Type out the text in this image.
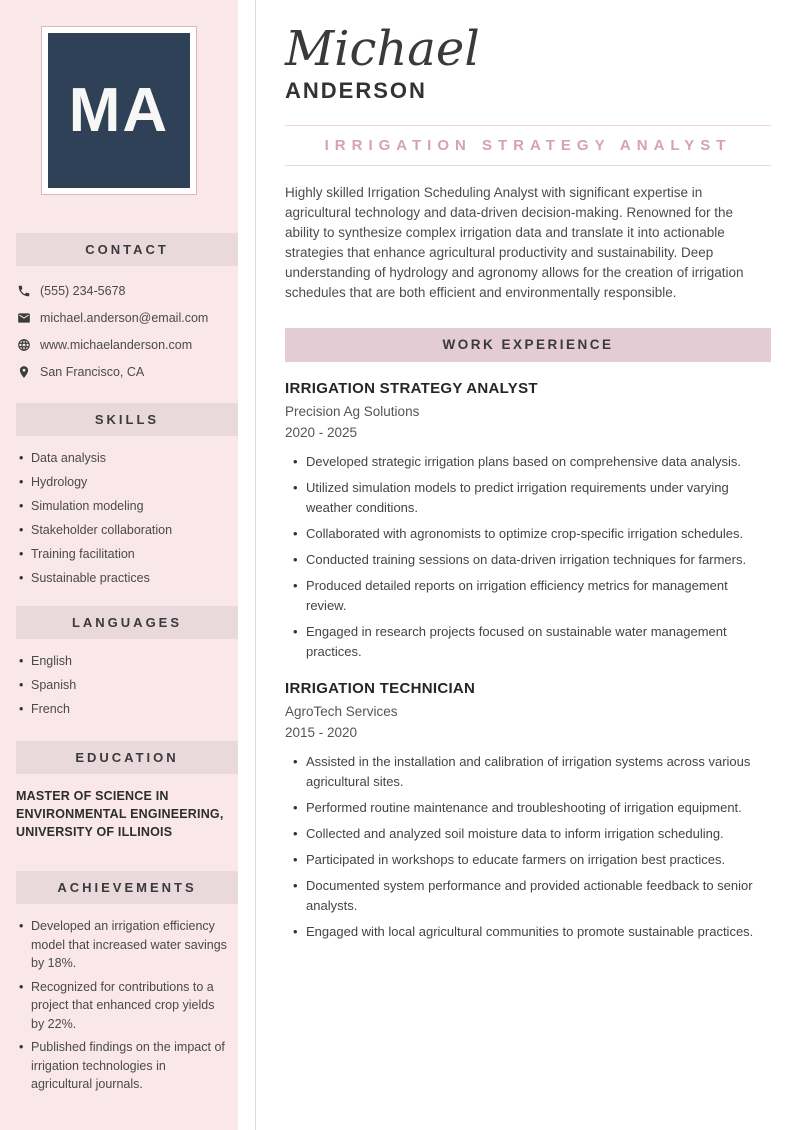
MA
CONTACT
(555) 234-5678
michael.anderson@email.com
www.michaelanderson.com
San Francisco, CA
SKILLS
• Data analysis
• Hydrology
• Simulation modeling
• Stakeholder collaboration
• Training facilitation
• Sustainable practices
LANGUAGES
• English
• Spanish
• French
EDUCATION
MASTER OF SCIENCE IN ENVIRONMENTAL ENGINEERING, UNIVERSITY OF ILLINOIS
ACHIEVEMENTS
• Developed an irrigation efficiency model that increased water savings by 18%.
• Recognized for contributions to a project that enhanced crop yields by 22%.
• Published findings on the impact of irrigation technologies in agricultural journals.
Michael
ANDERSON
IRRIGATION STRATEGY ANALYST

Highly skilled Irrigation Scheduling Analyst with significant expertise in agricultural technology and data-driven decision-making. Renowned for the ability to synthesize complex irrigation data and translate it into actionable strategies that enhance agricultural productivity and sustainability. Deep understanding of hydrology and agronomy allows for the creation of irrigation schedules that are both efficient and environmentally responsible.

WORK EXPERIENCE
IRRIGATION STRATEGY ANALYST
Precision Ag Solutions
2020 - 2025
• Developed strategic irrigation plans based on comprehensive data analysis.
• Utilized simulation models to predict irrigation requirements under varying weather conditions.
• Collaborated with agronomists to optimize crop-specific irrigation schedules.
• Conducted training sessions on data-driven irrigation techniques for farmers.
• Produced detailed reports on irrigation efficiency metrics for management review.
• Engaged in research projects focused on sustainable water management practices.
IRRIGATION TECHNICIAN
AgroTech Services
2015 - 2020
• Assisted in the installation and calibration of irrigation systems across various agricultural sites.
• Performed routine maintenance and troubleshooting of irrigation equipment.
• Collected and analyzed soil moisture data to inform irrigation scheduling.
• Participated in workshops to educate farmers on irrigation best practices.
• Documented system performance and provided actionable feedback to senior analysts.
• Engaged with local agricultural communities to promote sustainable practices.
